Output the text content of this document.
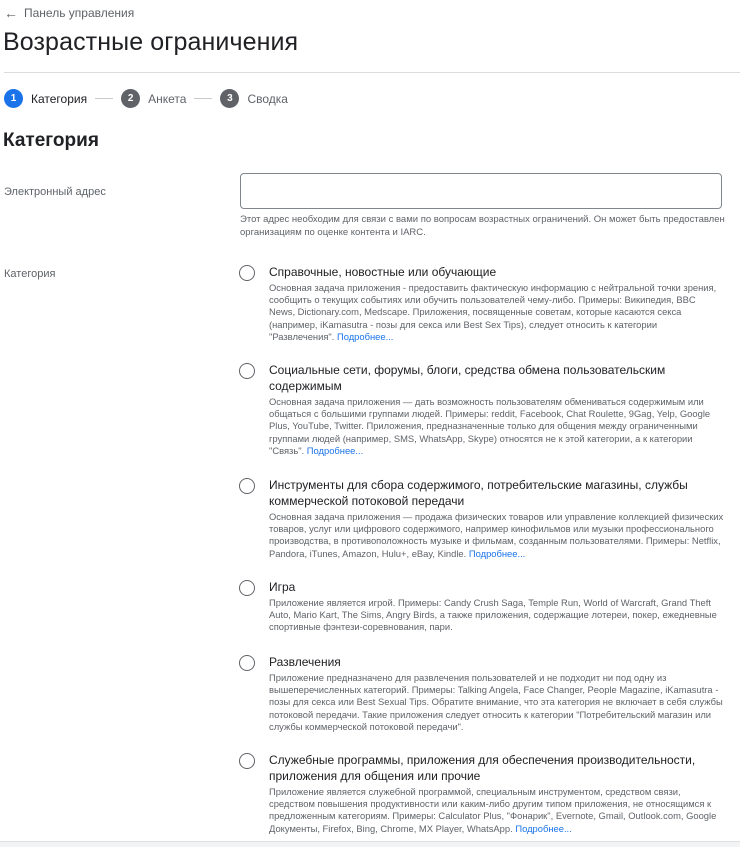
← Панель управления
Возрастные ограничения
1	Категория	2	Анкета	3	Сводка
Категория
Электронный адрес
Этот адрес необходим для связи с вами по вопросам возрастных ограничений. Он может быть предоставлен организациям по оценке контента и IARC.
Категория	Справочные, новостные или обучающие
Основная задача приложения - предоставить фактическую информацию с нейтральной точки зрения, сообщить о текущих событиях или обучить пользователей чему-либо. Примеры: Википедия, BBC News, Dictionary.com, Medscape. Приложения, посвященные советам, которые касаются секса (например, iKamasutra - позы для секса или Best Sex Tips), следует относить к категории "Развлечения". Подробнее...
Социальные сети, форумы, блоги, средства обмена пользовательским содержимым
Основная задача приложения — дать возможность пользователям обмениваться содержимым или общаться с большими группами людей. Примеры: reddit, Facebook, Chat Roulette, 9Gag, Yelp, Google Plus, YouTube, Twitter. Приложения, предназначенные только для общения между ограниченными группами людей (например, SMS, WhatsApp, Skype) относятся не к этой категории, а к категории "Связь". Подробнее...
Инструменты для сбора содержимого, потребительские магазины, службы коммерческой потоковой передачи
Основная задача приложения — продажа физических товаров или управление коллекцией физических товаров, услуг или цифрового содержимого, например кинофильмов или музыки профессионального производства, в противоположность музыке и фильмам, созданным пользователями. Примеры: Netflix, Pandora, iTunes, Amazon, Hulu+, eBay, Kindle. Подробнее...
Игра
Приложение является игрой. Примеры: Candy Crush Saga, Temple Run, World of Warcraft, Grand Theft Auto, Mario Kart, The Sims, Angry Birds, а также приложения, содержащие лотереи, покер, ежедневные спортивные фэнтези-соревнования, пари.
Развлечения
Приложение предназначено для развлечения пользователей и не подходит ни под одну из вышеперечисленных категорий. Примеры: Talking Angela, Face Changer, People Magazine, iKamasutra - позы для секса или Best Sexual Tips. Обратите внимание, что эта категория не включает в себя службы потоковой передачи. Такие приложения следует относить к категории "Потребительский магазин или службы коммерческой потоковой передачи".
Служебные программы, приложения для обеспечения производительности, приложения для общения или прочие
Приложение является служебной программой, специальным инструментом, средством связи, средством повышения продуктивности или каким-либо другим типом приложения, не относящимся к предложенным категориям. Примеры: Calculator Plus, "Фонарик", Evernote, Gmail, Outlook.com, Google Документы, Firefox, Bing, Chrome, MX Player, WhatsApp. Подробнее...
